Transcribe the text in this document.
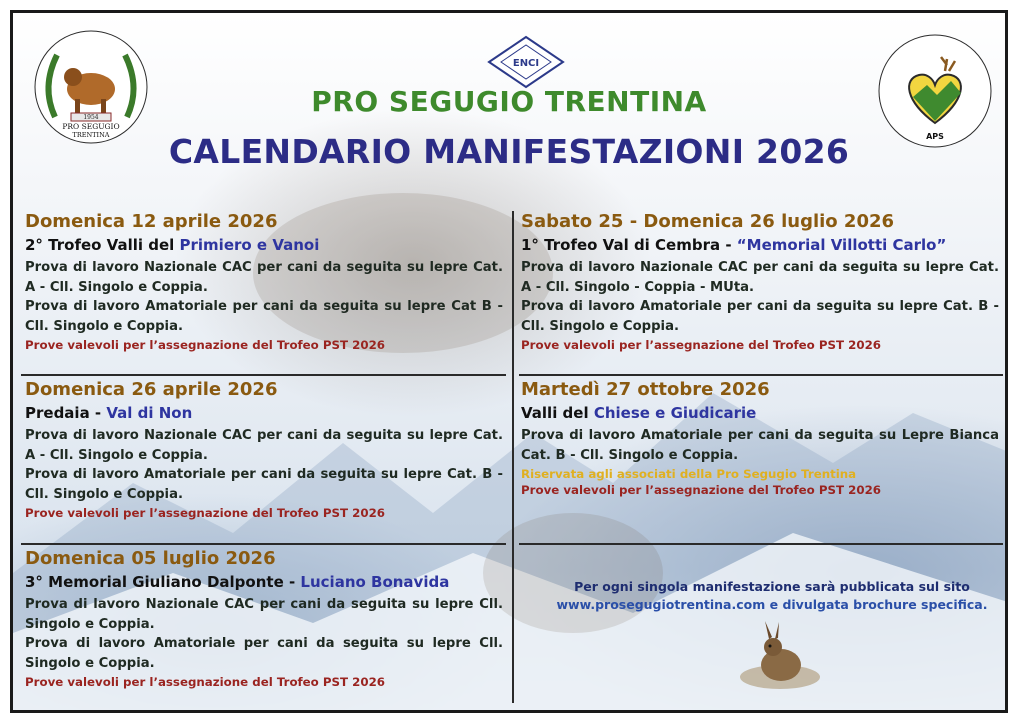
1954
PRO SEGUGIO
TRENTINA
ENCI
APS
PRO SEGUGIO TRENTINA
CALENDARIO MANIFESTAZIONI 2026
Domenica 12 aprile 2026
2° Trofeo Valli del Primiero e Vanoi
Prova di lavoro Nazionale CAC per cani da seguita su lepre Cat. A - Cll. Singolo e Coppia.
Prova di lavoro Amatoriale per cani da seguita su lepre Cat B - Cll. Singolo e Coppia.
Prove valevoli per l’assegnazione del Trofeo PST 2026
Domenica 26 aprile 2026
Predaia - Val di Non
Prova di lavoro Nazionale CAC per cani da seguita su lepre Cat. A - Cll. Singolo e Coppia.
Prova di lavoro Amatoriale per cani da seguita su lepre Cat. B - Cll. Singolo e Coppia.
Prove valevoli per l’assegnazione del Trofeo PST 2026
Domenica 05 luglio 2026
3° Memorial Giuliano Dalponte - Luciano Bonavida
Prova di lavoro Nazionale CAC per cani da seguita su lepre Cll. Singolo e Coppia.
Prova di lavoro Amatoriale per cani da seguita su lepre Cll. Singolo e Coppia.
Prove valevoli per l’assegnazione del Trofeo PST 2026
Sabato 25 - Domenica 26 luglio 2026
1° Trofeo Val di Cembra - “Memorial Villotti Carlo”
Prova di lavoro Nazionale CAC per cani da seguita su lepre Cat. A - Cll. Singolo - Coppia - MUta.
Prova di lavoro Amatoriale per cani da seguita su lepre Cat. B - Cll. Singolo e Coppia.
Prove valevoli per l’assegnazione del Trofeo PST 2026
Martedì 27 ottobre 2026
Valli del Chiese e Giudicarie
Prova di lavoro Amatoriale per cani da seguita su Lepre Bianca Cat. B - Cll. Singolo e Coppia.
Riservata agli associati della Pro Segugio Trentina
Prove valevoli per l’assegnazione del Trofeo PST 2026
Per ogni singola manifestazione sarà pubblicata sul sito
www.prosegugiotrentina.com e divulgata brochure specifica.
